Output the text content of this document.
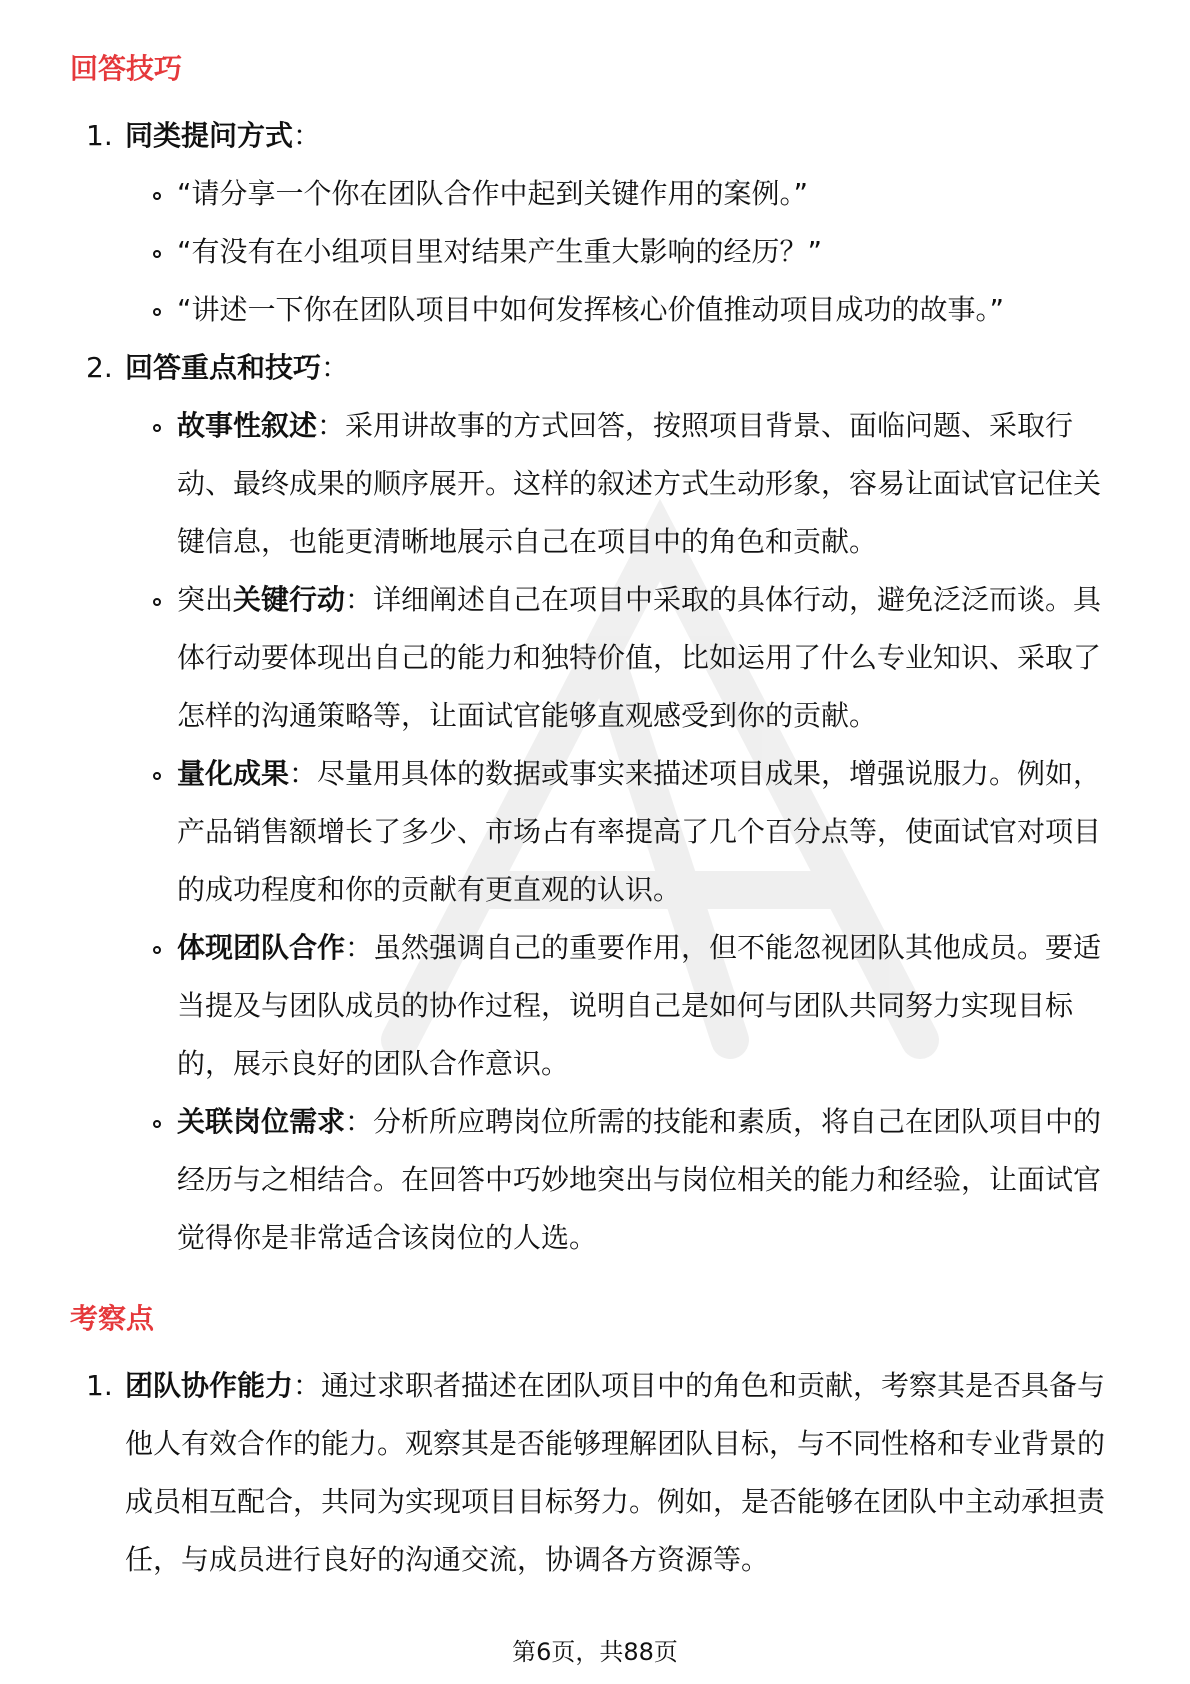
回答技巧
1. 同类提问方式：
“请分享一个你在团队合作中起到关键作用的案例。”
“有没有在小组项目里对结果产生重大影响的经历？”
“讲述一下你在团队项目中如何发挥核心价值推动项目成功的故事。”
2. 回答重点和技巧：
故事性叙述：采用讲故事的方式回答，按照项目背景、面临问题、采取行动、最终成果的顺序展开。这样的叙述方式生动形象，容易让面试官记住关键信息，也能更清晰地展示自己在项目中的角色和贡献。
突出关键行动：详细阐述自己在项目中采取的具体行动，避免泛泛而谈。具体行动要体现出自己的能力和独特价值，比如运用了什么专业知识、采取了怎样的沟通策略等，让面试官能够直观感受到你的贡献。
量化成果：尽量用具体的数据或事实来描述项目成果，增强说服力。例如，产品销售额增长了多少、市场占有率提高了几个百分点等，使面试官对项目的成功程度和你的贡献有更直观的认识。
体现团队合作：虽然强调自己的重要作用，但不能忽视团队其他成员。要适当提及与团队成员的协作过程，说明自己是如何与团队共同努力实现目标的，展示良好的团队合作意识。
关联岗位需求：分析所应聘岗位所需的技能和素质，将自己在团队项目中的经历与之相结合。在回答中巧妙地突出与岗位相关的能力和经验，让面试官觉得你是非常适合该岗位的人选。
考察点
1. 团队协作能力：通过求职者描述在团队项目中的角色和贡献，考察其是否具备与他人有效合作的能力。观察其是否能够理解团队目标，与不同性格和专业背景的成员相互配合，共同为实现项目目标努力。例如，是否能够在团队中主动承担责任，与成员进行良好的沟通交流，协调各方资源等。
第6页，共88页
